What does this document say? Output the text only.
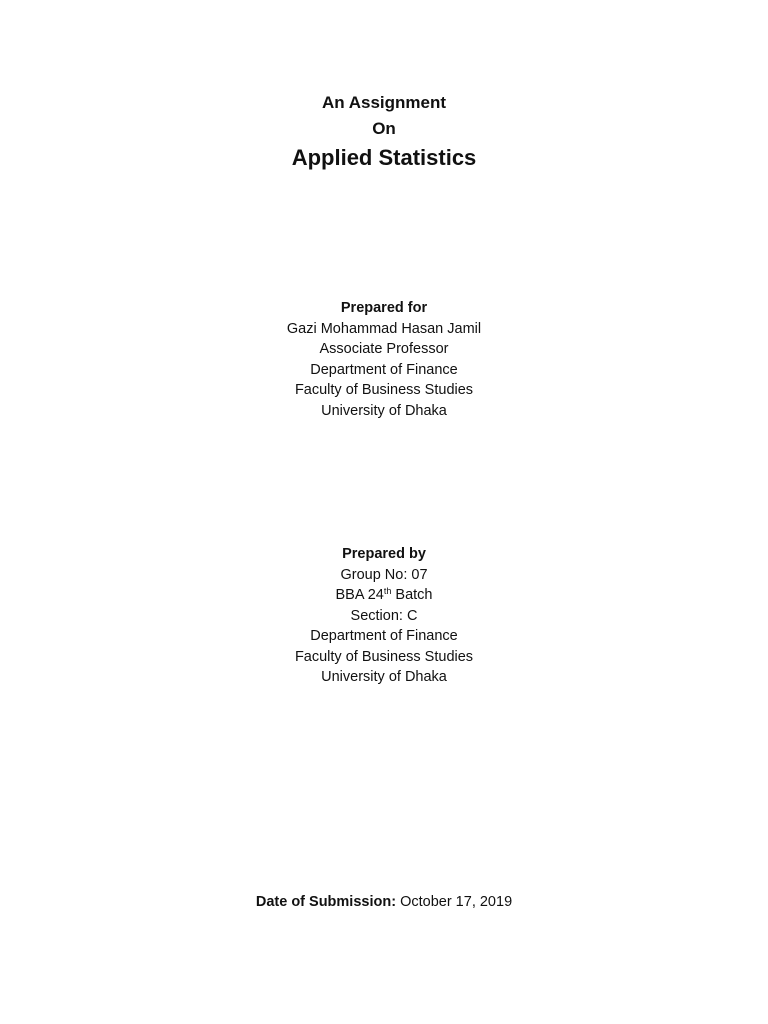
An Assignment
On
Applied Statistics
Prepared for
Gazi Mohammad Hasan Jamil
Associate Professor
Department of Finance
Faculty of Business Studies
University of Dhaka
Prepared by
Group No: 07
BBA 24th Batch
Section: C
Department of Finance
Faculty of Business Studies
University of Dhaka
Date of Submission: October 17, 2019
